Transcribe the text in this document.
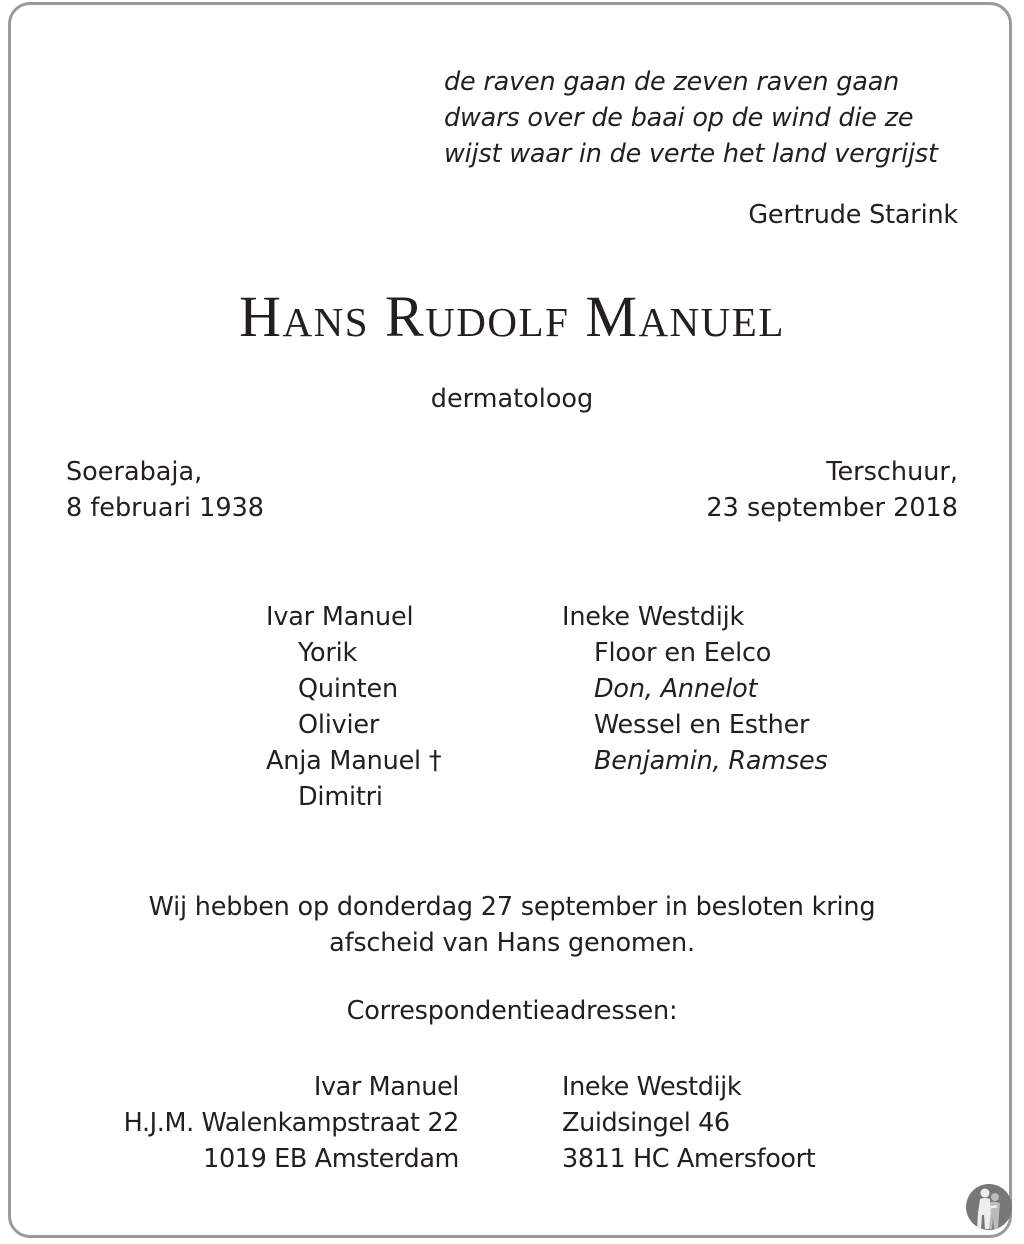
de raven gaan de zeven raven gaan
dwars over de baai op de wind die ze
wijst waar in de verte het land vergrijst
Gertrude Starink
Hans Rudolf Manuel
dermatoloog
Soerabaja,
8 februari 1938
Terschuur,
23 september 2018
Ivar Manuel
Yorik
Quinten
Olivier
Anja Manuel †
Dimitri
Ineke Westdijk
Floor en Eelco
Don, Annelot
Wessel en Esther
Benjamin, Ramses
Wij hebben op donderdag 27 september in besloten kring
afscheid van Hans genomen.
Correspondentieadressen:
Ivar Manuel
H.J.M. Walenkampstraat 22
1019 EB Amsterdam
Ineke Westdijk
Zuidsingel 46
3811 HC Amersfoort
